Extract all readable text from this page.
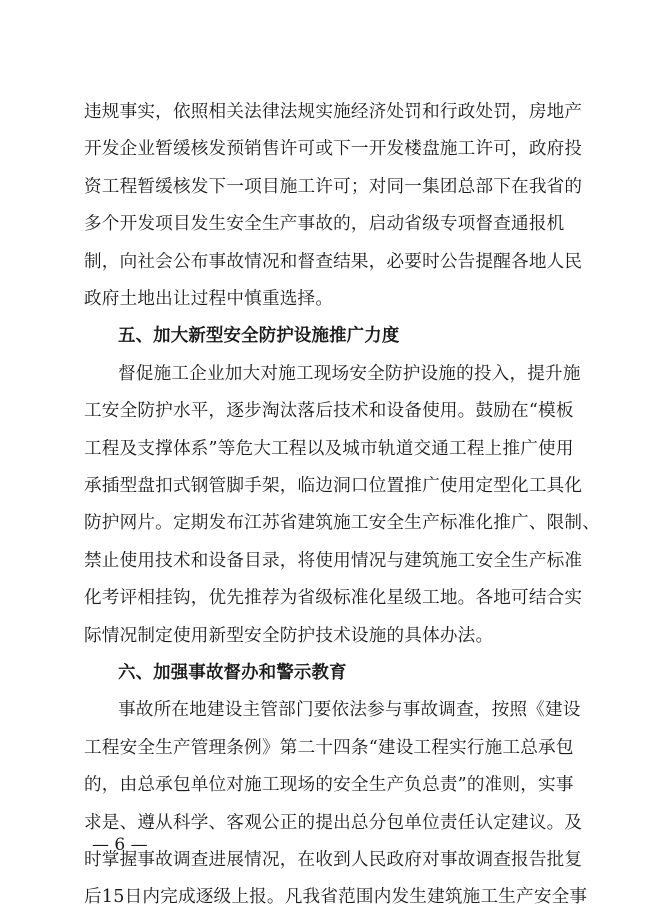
违规事实，依照相关法律法规实施经济处罚和行政处罚，房地产
开发企业暂缓核发预销售许可或下一开发楼盘施工许可，政府投
资工程暂缓核发下一项目施工许可；对同一集团总部下在我省的
多个开发项目发生安全生产事故的，启动省级专项督查通报机
制，向社会公布事故情况和督查结果，必要时公告提醒各地人民
政府土地出让过程中慎重选择。
五、加大新型安全防护设施推广力度
督促施工企业加大对施工现场安全防护设施的投入，提升施
工安全防护水平，逐步淘汰落后技术和设备使用。鼓励在“模板
工程及支撑体系”等危大工程以及城市轨道交通工程上推广使用
承插型盘扣式钢管脚手架，临边洞口位置推广使用定型化工具化
防护网片。定期发布江苏省建筑施工安全生产标准化推广、限制、
禁止使用技术和设备目录，将使用情况与建筑施工安全生产标准
化考评相挂钩，优先推荐为省级标准化星级工地。各地可结合实
际情况制定使用新型安全防护技术设施的具体办法。
六、加强事故督办和警示教育
事故所在地建设主管部门要依法参与事故调查，按照《建设
工程安全生产管理条例》第二十四条“建设工程实行施工总承包
的，由总承包单位对施工现场的安全生产负总责”的准则，实事
求是、遵从科学、客观公正的提出总分包单位责任认定建议。及
时掌握事故调查进展情况，在收到人民政府对事故调查报告批复
后15日内完成逐级上报。凡我省范围内发生建筑施工生产安全事
— 6 —
